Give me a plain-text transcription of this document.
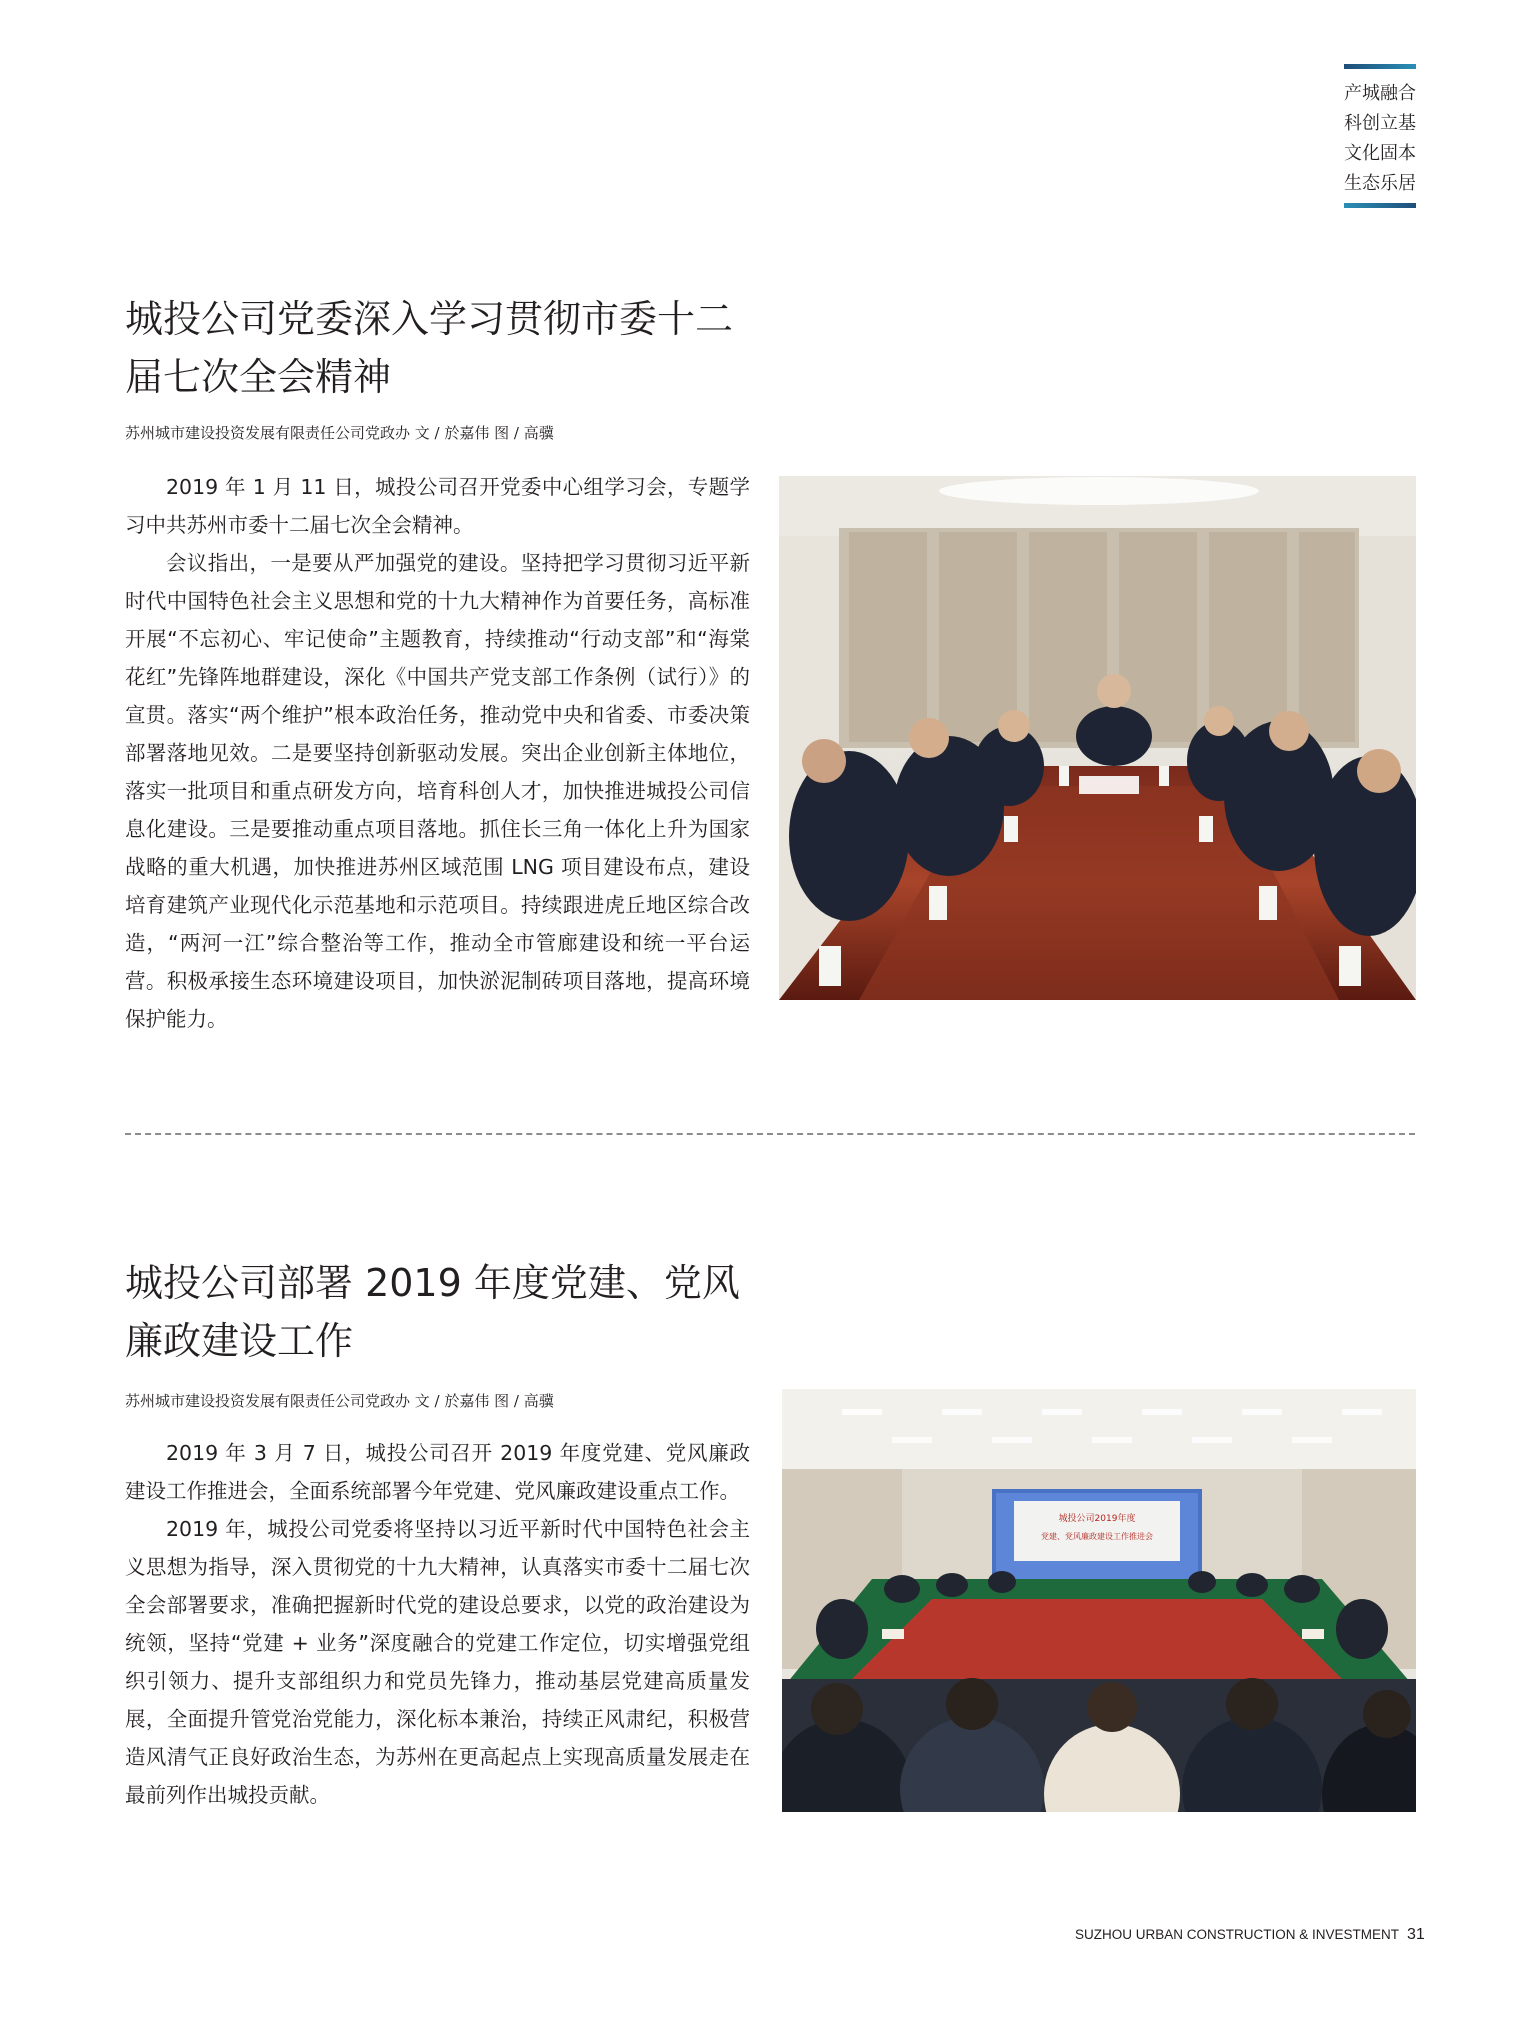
产城融合
科创立基
文化固本
生态乐居
城投公司党委深入学习贯彻市委十二届七次全会精神
苏州城市建设投资发展有限责任公司党政办 文 / 於嘉伟 图 / 高骥

2019 年 1 月 11 日，城投公司召开党委中心组学习会，专题学习中共苏州市委十二届七次全会精神。

会议指出，一是要从严加强党的建设。坚持把学习贯彻习近平新时代中国特色社会主义思想和党的十九大精神作为首要任务，高标准开展“不忘初心、牢记使命”主题教育，持续推动“行动支部”和“海棠花红”先锋阵地群建设，深化《中国共产党支部工作条例（试行）》的宣贯。落实“两个维护”根本政治任务，推动党中央和省委、市委决策部署落地见效。二是要坚持创新驱动发展。突出企业创新主体地位，落实一批项目和重点研发方向，培育科创人才，加快推进城投公司信息化建设。三是要推动重点项目落地。抓住长三角一体化上升为国家战略的重大机遇，加快推进苏州区域范围 LNG 项目建设布点，建设培育建筑产业现代化示范基地和示范项目。持续跟进虎丘地区综合改造，“两河一江”综合整治等工作，推动全市管廊建设和统一平台运营。积极承接生态环境建设项目，加快淤泥制砖项目落地，提高环境保护能力。

城投公司部署 2019 年度党建、党风廉政建设工作
苏州城市建设投资发展有限责任公司党政办 文 / 於嘉伟 图 / 高骥

2019 年 3 月 7 日，城投公司召开 2019 年度党建、党风廉政建设工作推进会，全面系统部署今年党建、党风廉政建设重点工作。

2019 年，城投公司党委将坚持以习近平新时代中国特色社会主义思想为指导，深入贯彻党的十九大精神，认真落实市委十二届七次全会部署要求，准确把握新时代党的建设总要求，以党的政治建设为统领，坚持“党建 + 业务”深度融合的党建工作定位，切实增强党组织引领力、提升支部组织力和党员先锋力，推动基层党建高质量发展，全面提升管党治党能力，深化标本兼治，持续正风肃纪，积极营造风清气正良好政治生态，为苏州在更高起点上实现高质量发展走在最前列作出城投贡献。

城投公司2019年度
党建、党风廉政建设工作推进会
SUZHOU URBAN CONSTRUCTION & INVESTMENT 31
